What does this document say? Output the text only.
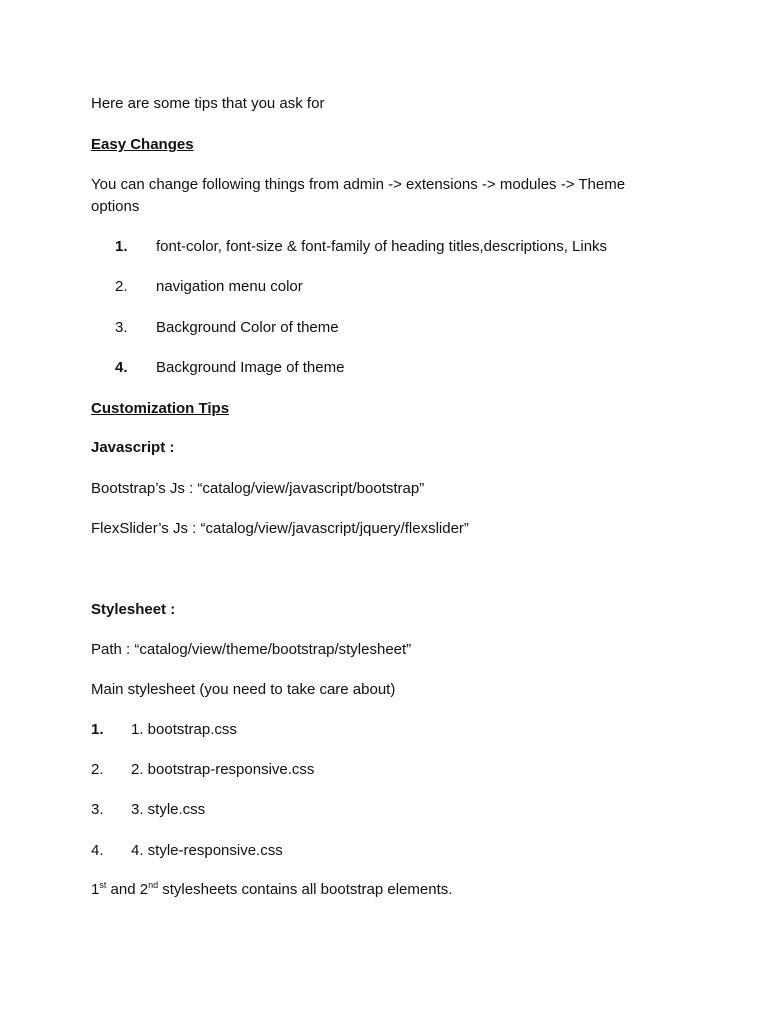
Here are some tips that you ask for
Easy Changes
You can change following things from admin -> extensions -> modules -> Theme
options
1. font-color, font-size & font-family of heading titles,descriptions, Links
2. navigation menu color
3. Background Color of theme
4. Background Image of theme
Customization Tips
Javascript :
Bootstrap’s Js : “catalog/view/javascript/bootstrap”
FlexSlider’s Js : “catalog/view/javascript/jquery/flexslider”
Stylesheet :
Path : “catalog/view/theme/bootstrap/stylesheet”
Main stylesheet (you need to take care about)
1. 1. bootstrap.css
2. 2. bootstrap-responsive.css
3. 3. style.css
4. 4. style-responsive.css
1st and 2nd stylesheets contains all bootstrap elements.
